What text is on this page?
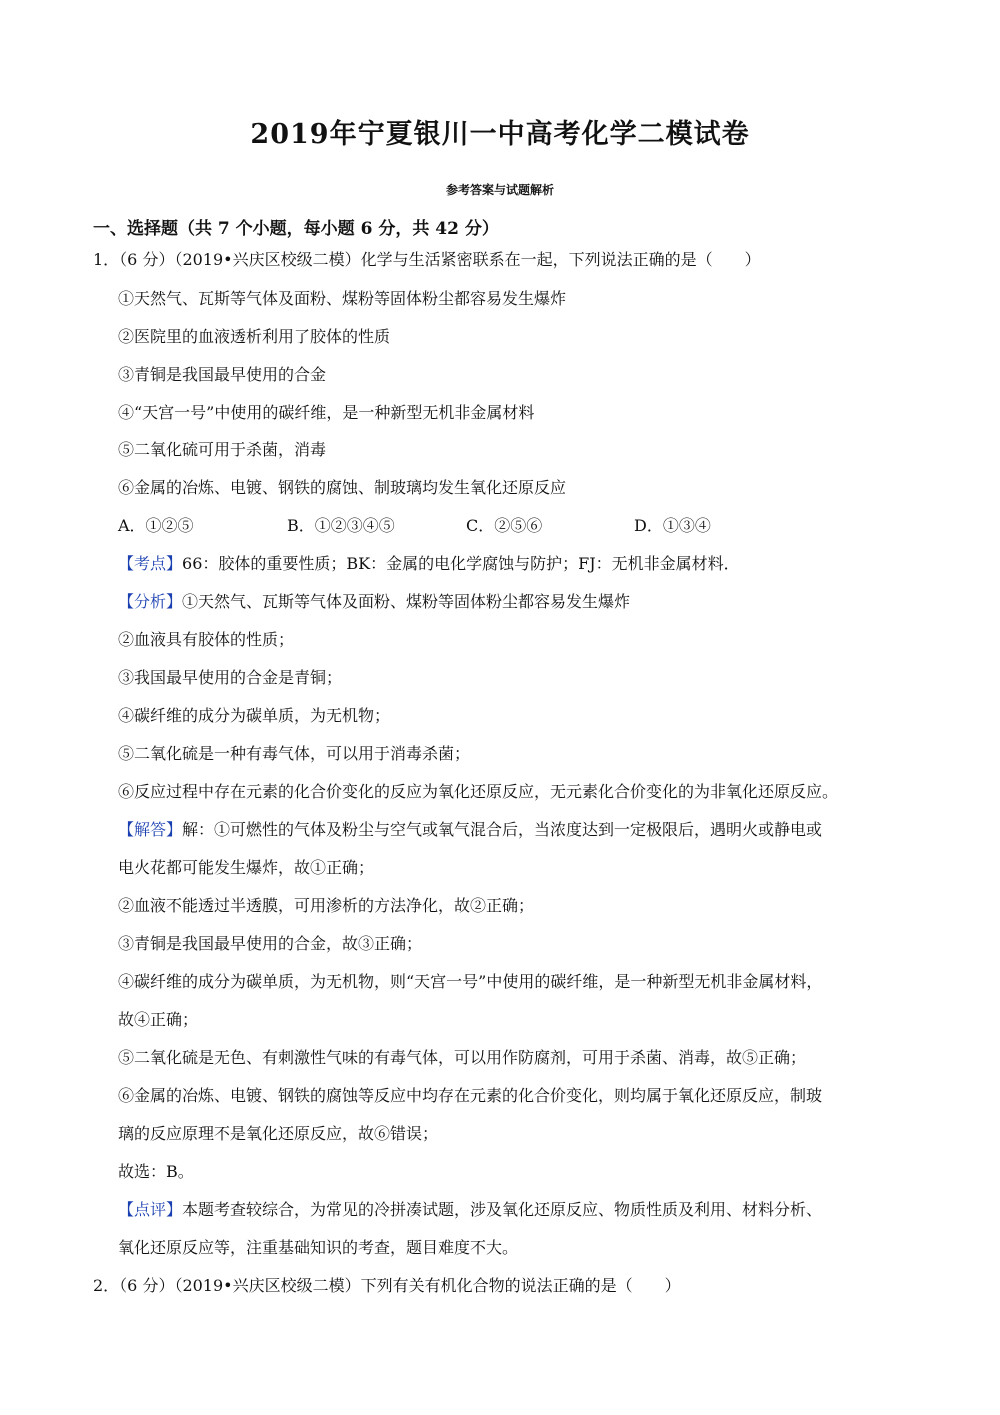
2019年宁夏银川一中高考化学二模试卷
参考答案与试题解析
一、选择题（共 7 个小题，每小题 6 分，共 42 分）
1．（6 分）（2019•兴庆区校级二模）化学与生活紧密联系在一起，下列说法正确的是（　　）
①天然气、瓦斯等气体及面粉、煤粉等固体粉尘都容易发生爆炸
②医院里的血液透析利用了胶体的性质
③青铜是我国最早使用的合金
④“天宫一号”中使用的碳纤维，是一种新型无机非金属材料
⑤二氧化硫可用于杀菌，消毒
⑥金属的冶炼、电镀、钢铁的腐蚀、制玻璃均发生氧化还原反应
A．①②⑤	B．①②③④⑤	C．②⑤⑥	D．①③④
【考点】66：胶体的重要性质；BK：金属的电化学腐蚀与防护；FJ：无机非金属材料．
【分析】①天然气、瓦斯等气体及面粉、煤粉等固体粉尘都容易发生爆炸
②血液具有胶体的性质；
③我国最早使用的合金是青铜；
④碳纤维的成分为碳单质，为无机物；
⑤二氧化硫是一种有毒气体，可以用于消毒杀菌；
⑥反应过程中存在元素的化合价变化的反应为氧化还原反应，无元素化合价变化的为非氧化还原反应。
【解答】解：①可燃性的气体及粉尘与空气或氧气混合后，当浓度达到一定极限后，遇明火或静电或
电火花都可能发生爆炸，故①正确；
②血液不能透过半透膜，可用渗析的方法净化，故②正确；
③青铜是我国最早使用的合金，故③正确；
④碳纤维的成分为碳单质，为无机物，则“天宫一号”中使用的碳纤维，是一种新型无机非金属材料，
故④正确；
⑤二氧化硫是无色、有刺激性气味的有毒气体，可以用作防腐剂，可用于杀菌、消毒，故⑤正确；
⑥金属的冶炼、电镀、钢铁的腐蚀等反应中均存在元素的化合价变化，则均属于氧化还原反应，制玻
璃的反应原理不是氧化还原反应，故⑥错误；
故选：B。
【点评】本题考查较综合，为常见的冷拼凑试题，涉及氧化还原反应、物质性质及利用、材料分析、
氧化还原反应等，注重基础知识的考查，题目难度不大。
2．（6 分）（2019•兴庆区校级二模）下列有关有机化合物的说法正确的是（　　）
